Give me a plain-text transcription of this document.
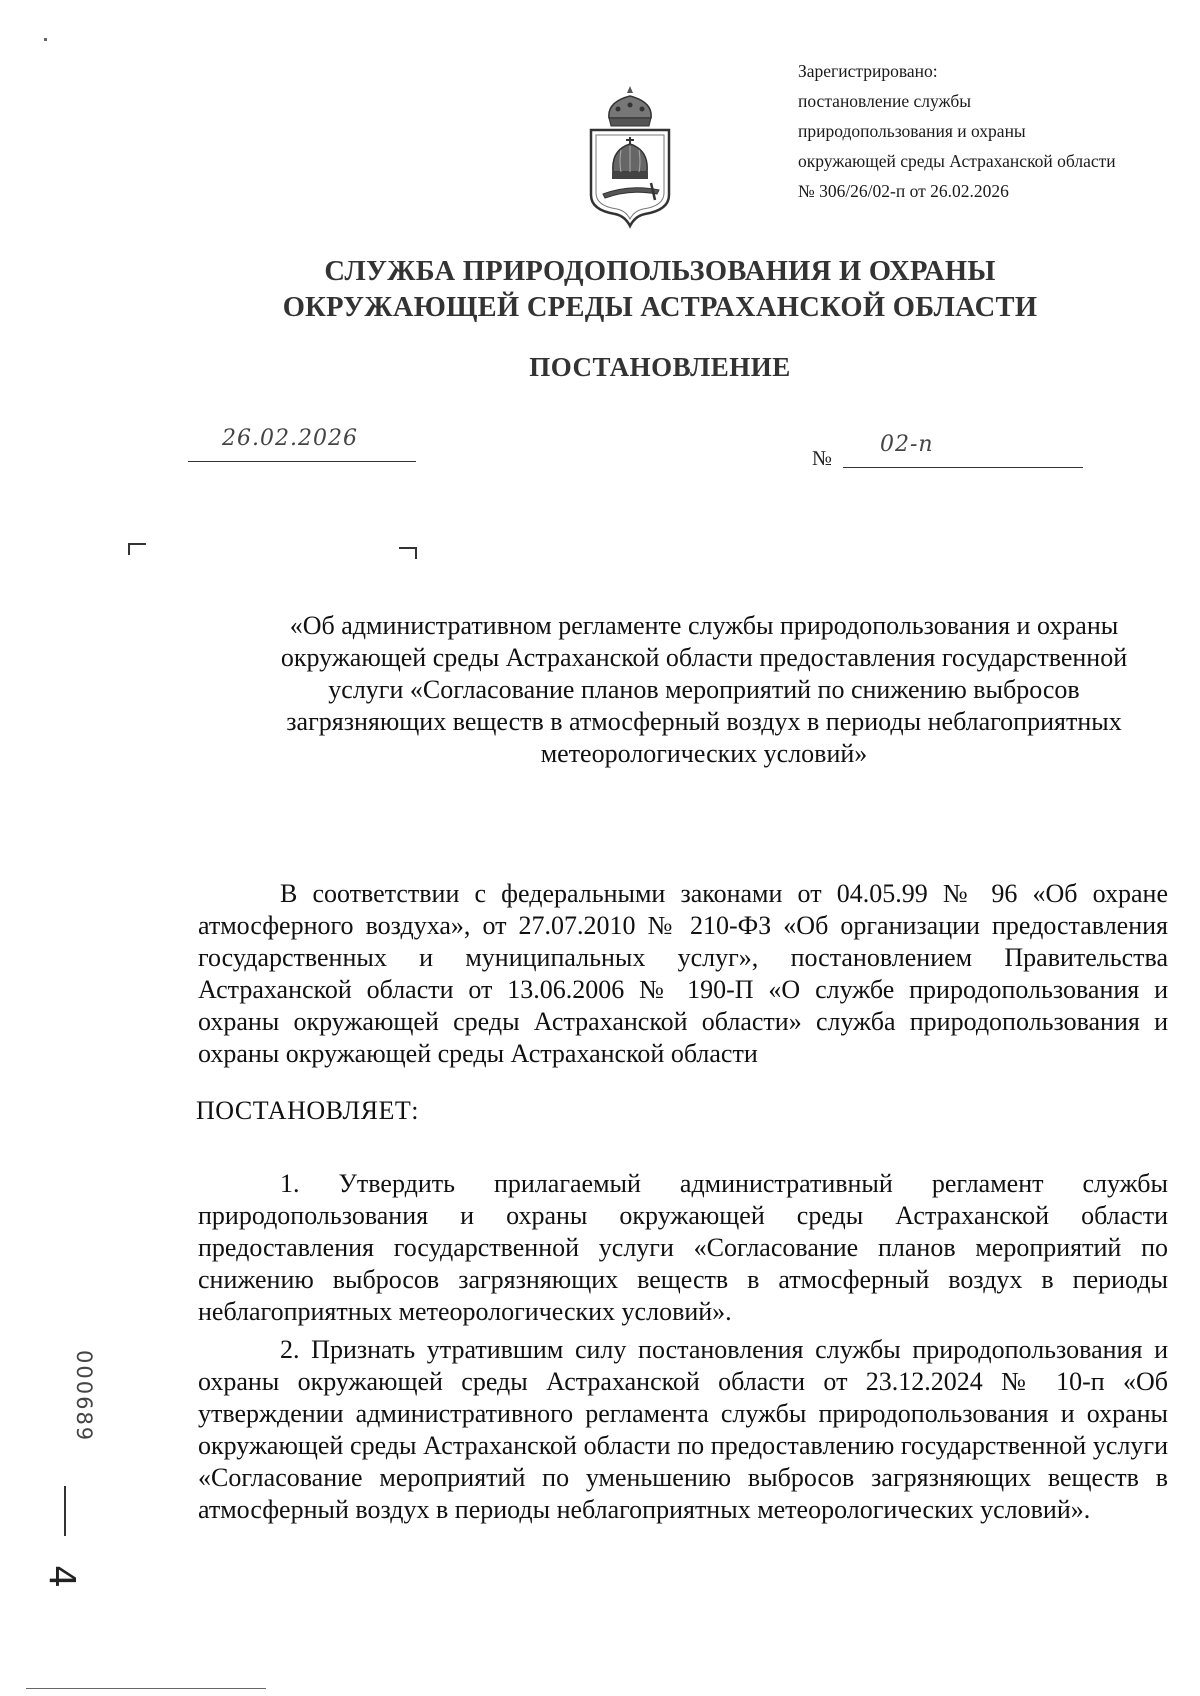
Зарегистрировано:
постановление службы
природопользования и охраны
окружающей среды Астраханской области
№ 306/26/02-п от 26.02.2026
СЛУЖБА ПРИРОДОПОЛЬЗОВАНИЯ И ОХРАНЫ
ОКРУЖАЮЩЕЙ СРЕДЫ АСТРАХАНСКОЙ ОБЛАСТИ
ПОСТАНОВЛЕНИЕ
26.02.2026
№
02-п
«Об административном регламенте службы природопользования и охраны
окружающей среды Астраханской области предоставления государственной
услуги «Согласование планов мероприятий по снижению выбросов
загрязняющих веществ в атмосферный воздух в периоды неблагоприятных
метеорологических условий»

В соответствии с федеральными законами от 04.05.99 № 96 «Об охране атмосферного воздуха», от 27.07.2010 № 210-ФЗ «Об организации предоставления государственных и муниципальных услуг», постановлением Правительства Астраханской области от 13.06.2006 № 190-П «О службе природопользования и охраны окружающей среды Астраханской области» служба природопользования и охраны окружающей среды Астраханской области

ПОСТАНОВЛЯЕТ:

1. Утвердить прилагаемый административный регламент службы природопользования и охраны окружающей среды Астраханской области предоставления государственной услуги «Согласование планов мероприятий по снижению выбросов загрязняющих веществ в атмосферный воздух в периоды неблагоприятных метеорологических условий».

2. Признать утратившим силу постановления службы природопользования и охраны окружающей среды Астраханской области от 23.12.2024 № 10-п «Об утверждении административного регламента службы природопользования и охраны окружающей среды Астраханской области по предоставлению государственной услуги «Согласование мероприятий по уменьшению выбросов загрязняющих веществ в атмосферный воздух в периоды неблагоприятных метеорологических условий».

000689
4
